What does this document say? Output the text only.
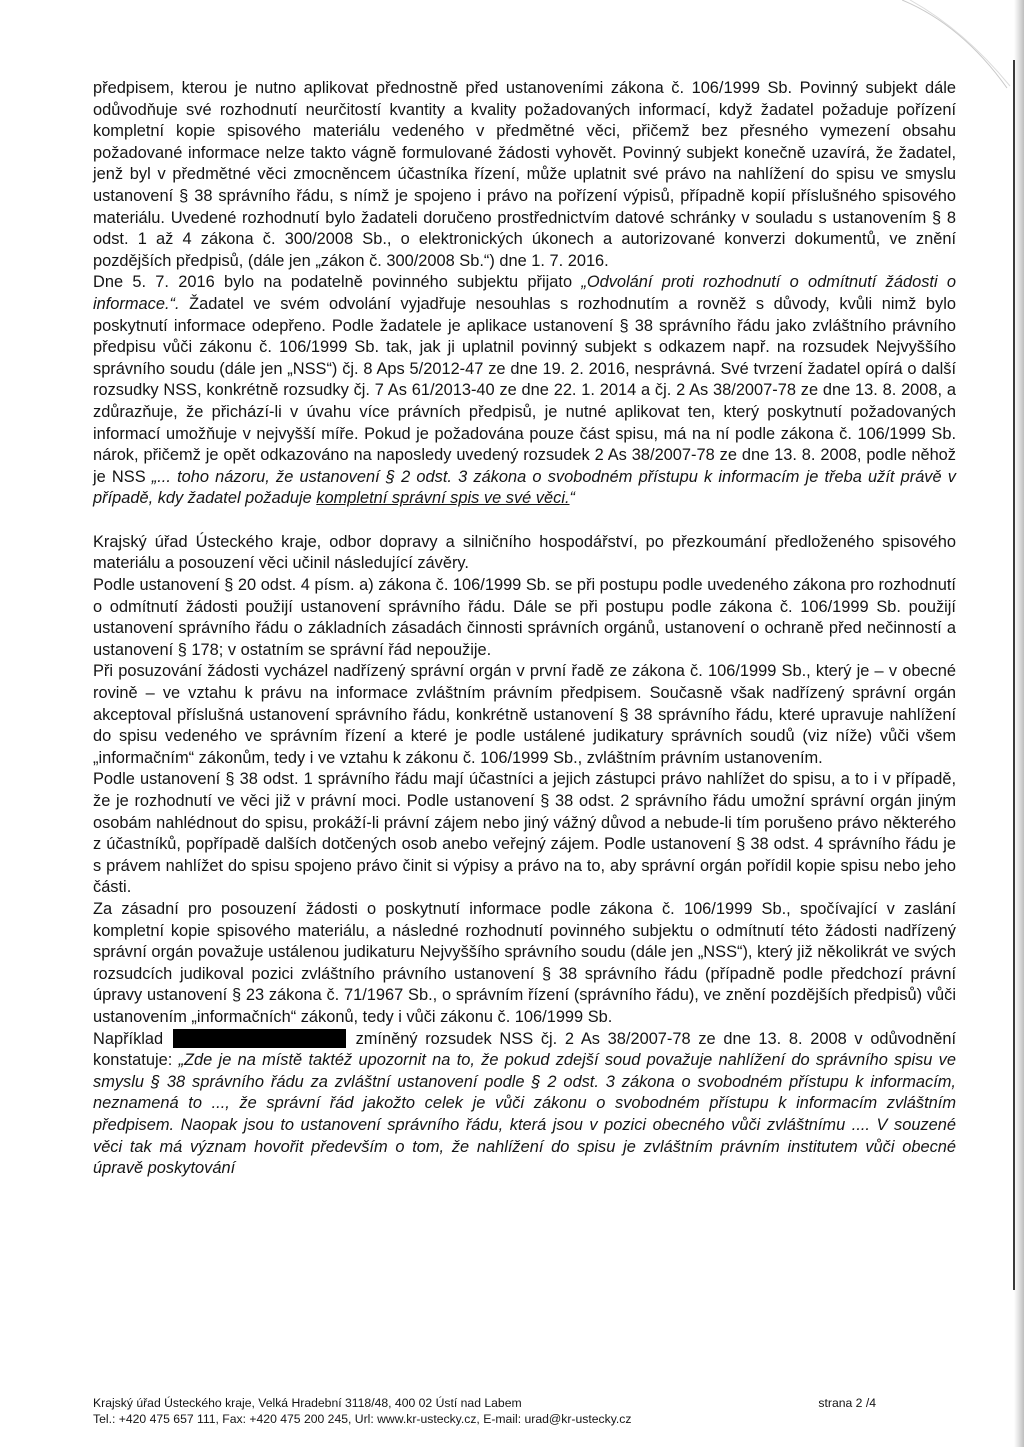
předpisem, kterou je nutno aplikovat přednostně před ustanoveními zákona č. 106/1999 Sb. Povinný subjekt dále odůvodňuje své rozhodnutí neurčitostí kvantity a kvality požadovaných informací, když žadatel požaduje pořízení kompletní kopie spisového materiálu vedeného v předmětné věci, přičemž bez přesného vymezení obsahu požadované informace nelze takto vágně formulované žádosti vyhovět. Povinný subjekt konečně uzavírá, že žadatel, jenž byl v předmětné věci zmocněncem účastníka řízení, může uplatnit své právo na nahlížení do spisu ve smyslu ustanovení § 38 správního řádu, s nímž je spojeno i právo na pořízení výpisů, případně kopií příslušného spisového materiálu. Uvedené rozhodnutí bylo žadateli doručeno prostřednictvím datové schránky v souladu s ustanovením § 8 odst. 1 až 4 zákona č. 300/2008 Sb., o elektronických úkonech a autorizované konverzi dokumentů, ve znění pozdějších předpisů, (dále jen „zákon č. 300/2008 Sb.“) dne 1. 7. 2016.

Dne 5. 7. 2016 bylo na podatelně povinného subjektu přijato „Odvolání proti rozhodnutí o odmítnutí žádosti o informace.“. Žadatel ve svém odvolání vyjadřuje nesouhlas s rozhodnutím a rovněž s důvody, kvůli nimž bylo poskytnutí informace odepřeno. Podle žadatele je aplikace ustanovení § 38 správního řádu jako zvláštního právního předpisu vůči zákonu č. 106/1999 Sb. tak, jak ji uplatnil povinný subjekt s odkazem např. na rozsudek Nejvyššího správního soudu (dále jen „NSS“) čj. 8 Aps 5/2012-47 ze dne 19. 2. 2016, nesprávná. Své tvrzení žadatel opírá o další rozsudky NSS, konkrétně rozsudky čj. 7 As 61/2013-40 ze dne 22. 1. 2014 a čj. 2 As 38/2007-78 ze dne 13. 8. 2008, a zdůrazňuje, že přichází-li v úvahu více právních předpisů, je nutné aplikovat ten, který poskytnutí požadovaných informací umožňuje v nejvyšší míře. Pokud je požadována pouze část spisu, má na ní podle zákona č. 106/1999 Sb. nárok, přičemž je opět odkazováno na naposledy uvedený rozsudek 2 As 38/2007-78 ze dne 13. 8. 2008, podle něhož je NSS „... toho názoru, že ustanovení § 2 odst. 3 zákona o svobodném přístupu k informacím je třeba užít právě v případě, kdy žadatel požaduje kompletní správní spis ve své věci.“

Krajský úřad Ústeckého kraje, odbor dopravy a silničního hospodářství, po přezkoumání předloženého spisového materiálu a posouzení věci učinil následující závěry.

Podle ustanovení § 20 odst. 4 písm. a) zákona č. 106/1999 Sb. se při postupu podle uvedeného zákona pro rozhodnutí o odmítnutí žádosti použijí ustanovení správního řádu. Dále se při postupu podle zákona č. 106/1999 Sb. použijí ustanovení správního řádu o základních zásadách činnosti správních orgánů, ustanovení o ochraně před nečinností a ustanovení § 178; v ostatním se správní řád nepoužije.

Při posuzování žádosti vycházel nadřízený správní orgán v první řadě ze zákona č. 106/1999 Sb., který je – v obecné rovině – ve vztahu k právu na informace zvláštním právním předpisem. Současně však nadřízený správní orgán akceptoval příslušná ustanovení správního řádu, konkrétně ustanovení § 38 správního řádu, které upravuje nahlížení do spisu vedeného ve správním řízení a které je podle ustálené judikatury správních soudů (viz níže) vůči všem „informačním“ zákonům, tedy i ve vztahu k zákonu č. 106/1999 Sb., zvláštním právním ustanovením.

Podle ustanovení § 38 odst. 1 správního řádu mají účastníci a jejich zástupci právo nahlížet do spisu, a to i v případě, že je rozhodnutí ve věci již v právní moci. Podle ustanovení § 38 odst. 2 správního řádu umožní správní orgán jiným osobám nahlédnout do spisu, prokáží-li právní zájem nebo jiný vážný důvod a nebude-li tím porušeno právo některého z účastníků, popřípadě dalších dotčených osob anebo veřejný zájem. Podle ustanovení § 38 odst. 4 správního řádu je s právem nahlížet do spisu spojeno právo činit si výpisy a právo na to, aby správní orgán pořídil kopie spisu nebo jeho části.

Za zásadní pro posouzení žádosti o poskytnutí informace podle zákona č. 106/1999 Sb., spočívající v zaslání kompletní kopie spisového materiálu, a následné rozhodnutí povinného subjektu o odmítnutí této žádosti nadřízený správní orgán považuje ustálenou judikaturu Nejvyššího správního soudu (dále jen „NSS“), který již několikrát ve svých rozsudcích judikoval pozici zvláštního právního ustanovení § 38 správního řádu (případně podle předchozí právní úpravy ustanovení § 23 zákona č. 71/1967 Sb., o správním řízení (správního řádu), ve znění pozdějších předpisů) vůči ustanovením „informačních“ zákonů, tedy i vůči zákonu č. 106/1999 Sb.

Například	zmíněný rozsudek NSS čj. 2 As 38/2007-78 ze dne 13. 8. 2008 v odůvodnění konstatuje: „Zde je na místě taktéž upozornit na to, že pokud zdejší soud považuje nahlížení do správního spisu ve smyslu § 38 správního řádu za zvláštní ustanovení podle § 2 odst. 3 zákona o svobodném přístupu k informacím, neznamená to ..., že správní řád jakožto celek je vůči zákonu o svobodném přístupu k informacím zvláštním předpisem. Naopak jsou to ustanovení správního řádu, která jsou v pozici obecného vůči zvláštnímu .... V souzené věci tak má význam hovořit především o tom, že nahlížení do spisu je zvláštním právním institutem vůči obecné úpravě poskytování

Krajský úřad Ústeckého kraje, Velká Hradební 3118/48, 400 02 Ústí nad Labem
Tel.: +420 475 657 111, Fax: +420 475 200 245, Url: www.kr-ustecky.cz, E-mail: urad@kr-ustecky.cz
strana 2 /4
